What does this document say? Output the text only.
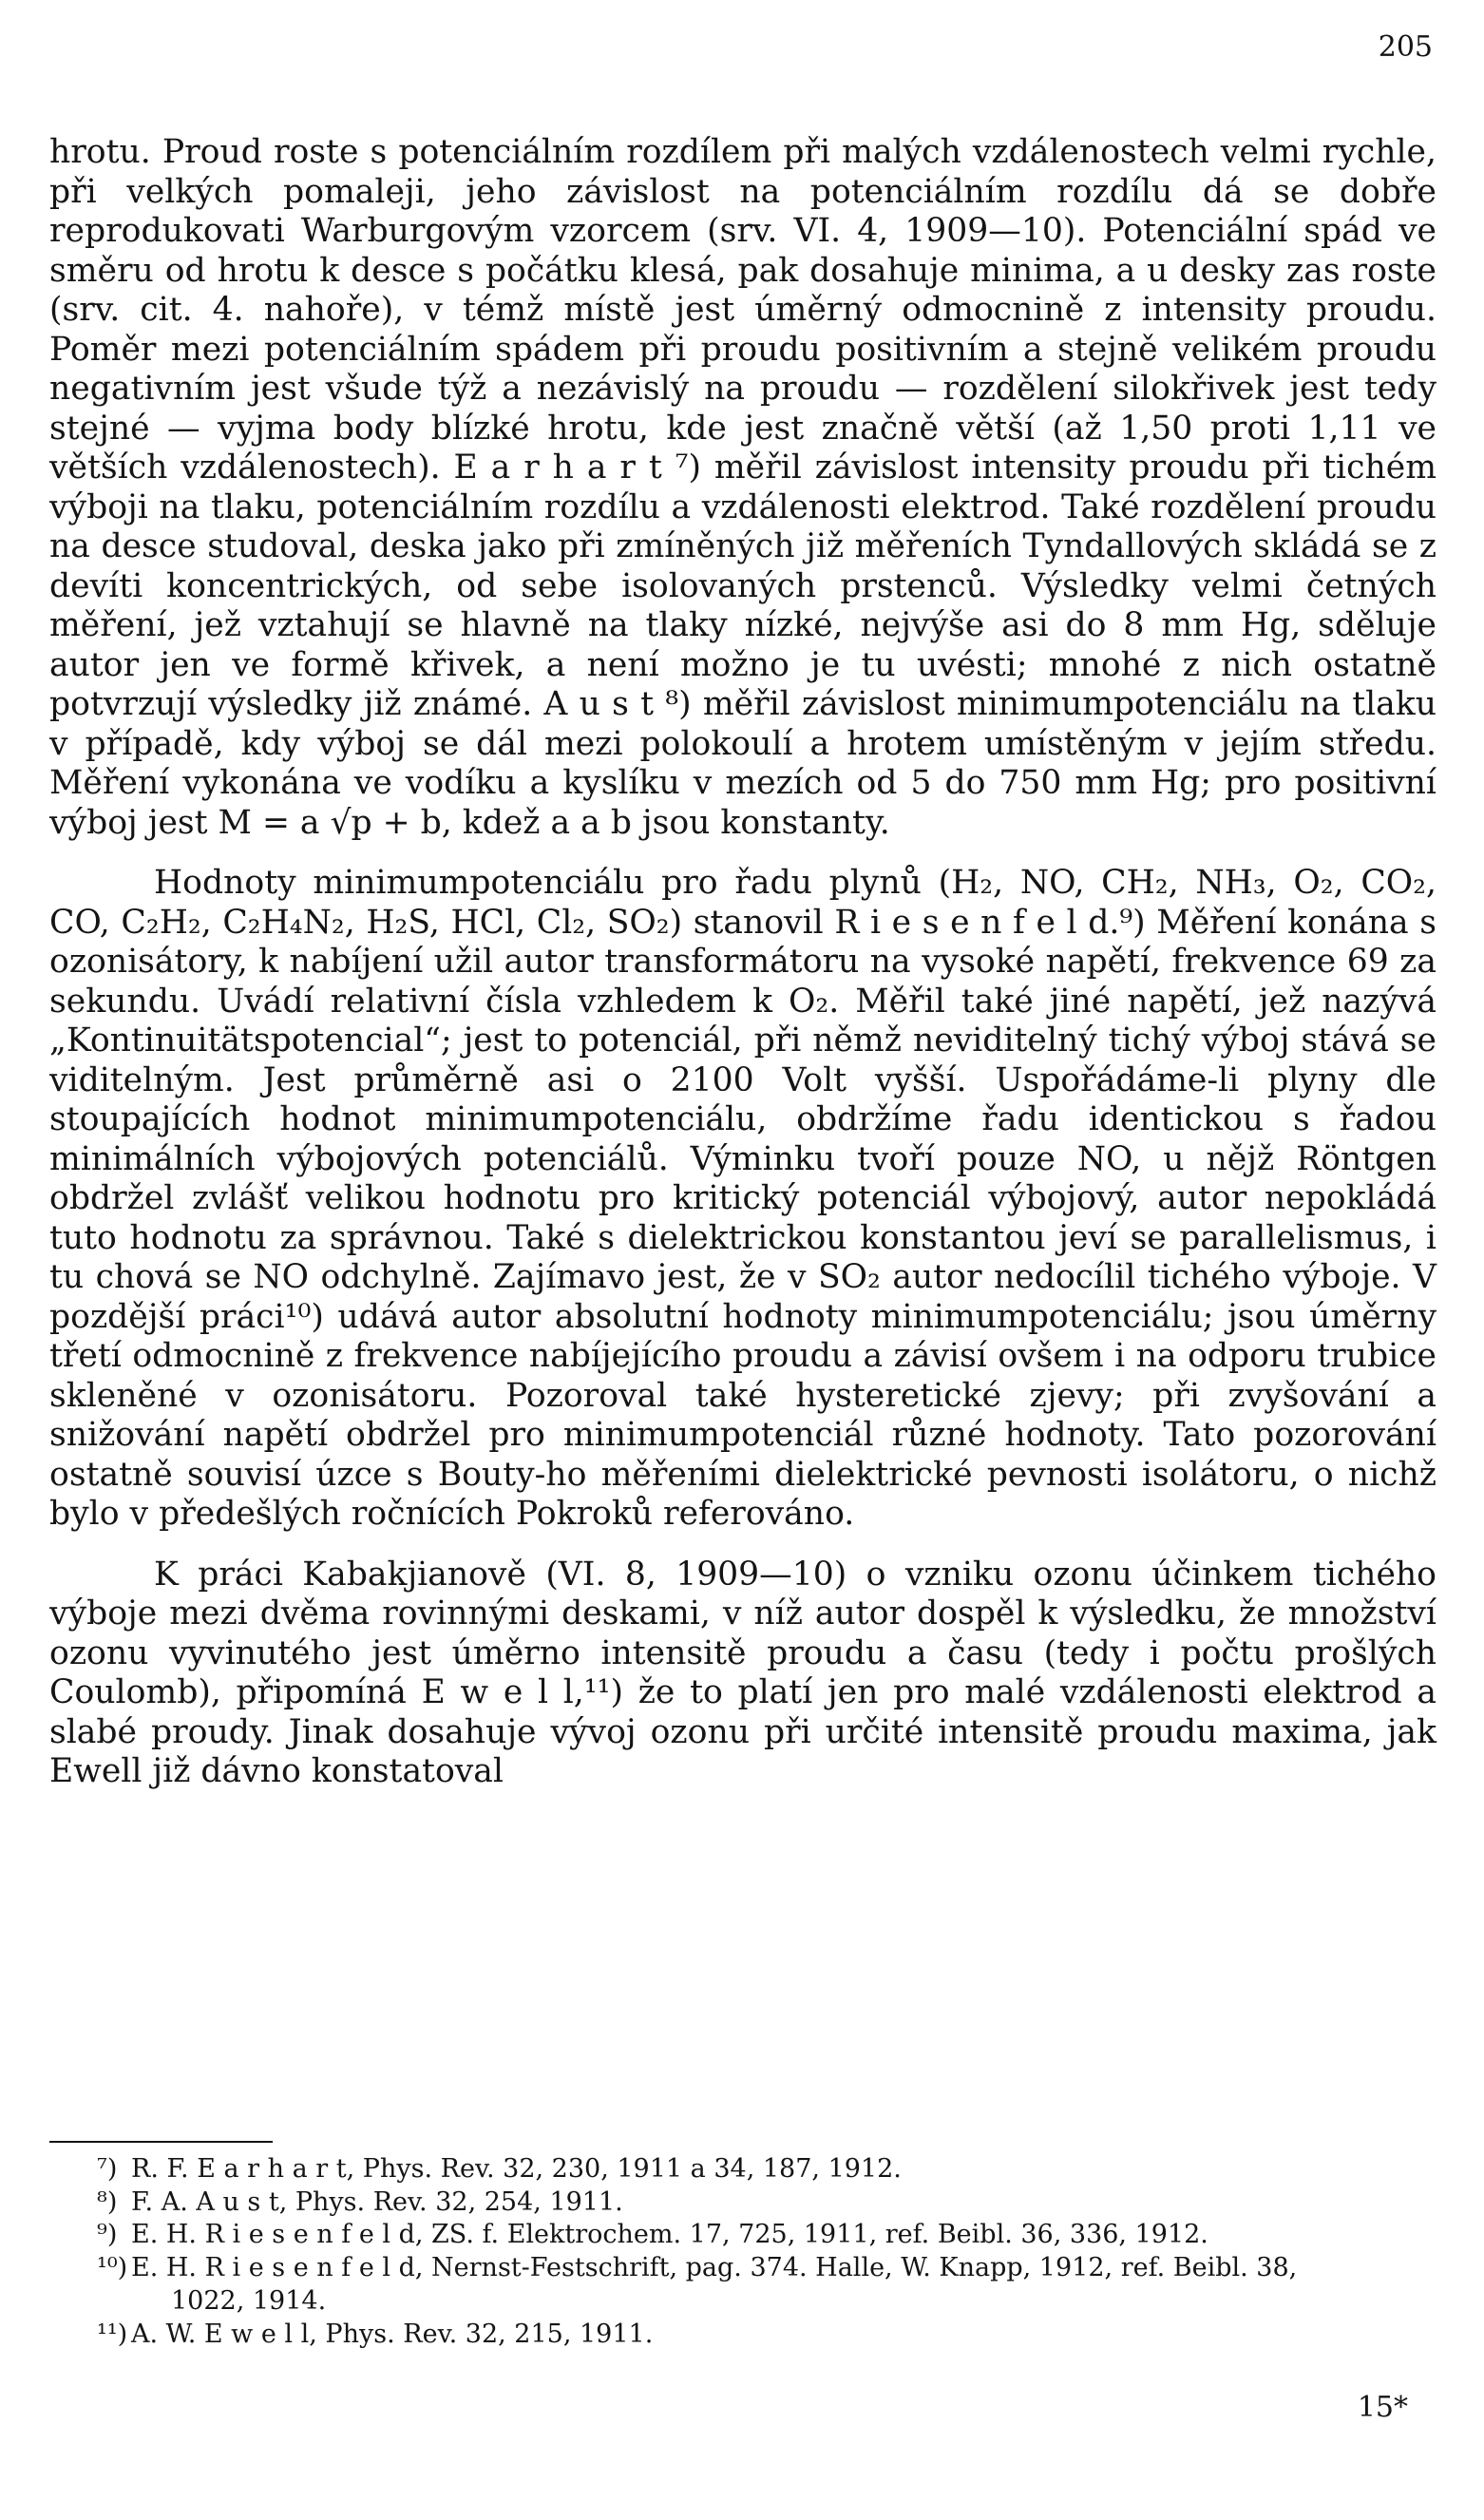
205

hrotu. Proud roste s potenciálním rozdílem při malých vzdálenostech velmi rychle, při velkých pomaleji, jeho závislost na potenciálním rozdílu dá se dobře reprodukovati Warburgovým vzorcem (srv. VI. 4, 1909—10). Potenciální spád ve směru od hrotu k desce s počátku klesá, pak dosahuje minima, a u desky zas roste (srv. cit. 4. nahoře), v témž místě jest úměrný odmocnině z intensity proudu. Poměr mezi potenciálním spádem při proudu positivním a stejně velikém proudu negativním jest všude týž a nezávislý na proudu — rozdělení silokřivek jest tedy stejné — vyjma body blízké hrotu, kde jest značně větší (až 1,50 proti 1,11 ve větších vzdálenostech). E a r h a r t ⁷) měřil závislost intensity proudu při tichém výboji na tlaku, potenciálním rozdílu a vzdálenosti elektrod. Také rozdělení proudu na desce studoval, deska jako při zmíněných již měřeních Tyndallových skládá se z devíti koncentrických, od sebe isolovaných prstenců. Výsledky velmi četných měření, jež vztahují se hlavně na tlaky nízké, nejvýše asi do 8 mm Hg, sděluje autor jen ve formě křivek, a není možno je tu uvésti; mnohé z nich ostatně potvrzují výsledky již známé. A u s t ⁸) měřil závislost minimumpotenciálu na tlaku v případě, kdy výboj se dál mezi polokoulí a hrotem umístěným v jejím středu. Měření vykonána ve vodíku a kyslíku v mezích od 5 do 750 mm Hg; pro positivní výboj jest M = a √p + b, kdež a a b jsou konstanty.

Hodnoty minimumpotenciálu pro řadu plynů (H₂, NO, CH₂, NH₃, O₂, CO₂, CO, C₂H₂, C₂H₄N₂, H₂S, HCl, Cl₂, SO₂) stanovil R i e s e n f e l d.⁹) Měření konána s ozonisátory, k nabíjení užil autor transformátoru na vysoké napětí, frekvence 69 za sekundu. Uvádí relativní čísla vzhledem k O₂. Měřil také jiné napětí, jež nazývá „Kontinuitätspotencial“; jest to potenciál, při němž neviditelný tichý výboj stává se viditelným. Jest průměrně asi o 2100 Volt vyšší. Uspořádáme-li plyny dle stoupajících hodnot minimumpotenciálu, obdržíme řadu identickou s řadou minimálních výbojových potenciálů. Výminku tvoří pouze NO, u nějž Röntgen obdržel zvlášť velikou hodnotu pro kritický potenciál výbojový, autor nepokládá tuto hodnotu za správnou. Také s dielektrickou konstantou jeví se parallelismus, i tu chová se NO odchylně. Zajímavo jest, že v SO₂ autor nedocílil tichého výboje. V pozdější práci¹⁰) udává autor absolutní hodnoty minimumpotenciálu; jsou úměrny třetí odmocnině z frekvence nabíjejícího proudu a závisí ovšem i na odporu trubice skleněné v ozonisátoru. Pozoroval také hysteretické zjevy; při zvyšování a snižování napětí obdržel pro minimumpotenciál různé hodnoty. Tato pozorování ostatně souvisí úzce s Bouty-ho měřeními dielektrické pevnosti isolátoru, o nichž bylo v předešlých ročnících Pokroků referováno.

K práci Kabakjianově (VI. 8, 1909—10) o vzniku ozonu účinkem tichého výboje mezi dvěma rovinnými deskami, v níž autor dospěl k výsledku, že množství ozonu vyvinutého jest úměrno intensitě proudu a času (tedy i počtu prošlých Coulomb), připomíná E w e l l,¹¹) že to platí jen pro malé vzdálenosti elektrod a slabé proudy. Jinak dosahuje vývoj ozonu při určité intensitě proudu maxima, jak Ewell již dávno konstatoval

⁷) R. F. E a r h a r t, Phys. Rev. 32, 230, 1911 a 34, 187, 1912.

⁸) F. A. A u s t, Phys. Rev. 32, 254, 1911.

⁹) E. H. R i e s e n f e l d, ZS. f. Elektrochem. 17, 725, 1911, ref. Beibl. 36, 336, 1912.

¹⁰) E. H. R i e s e n f e l d, Nernst-Festschrift, pag. 374. Halle, W. Knapp, 1912, ref. Beibl. 38, 1022, 1914.

¹¹) A. W. E w e l l, Phys. Rev. 32, 215, 1911.

15*
